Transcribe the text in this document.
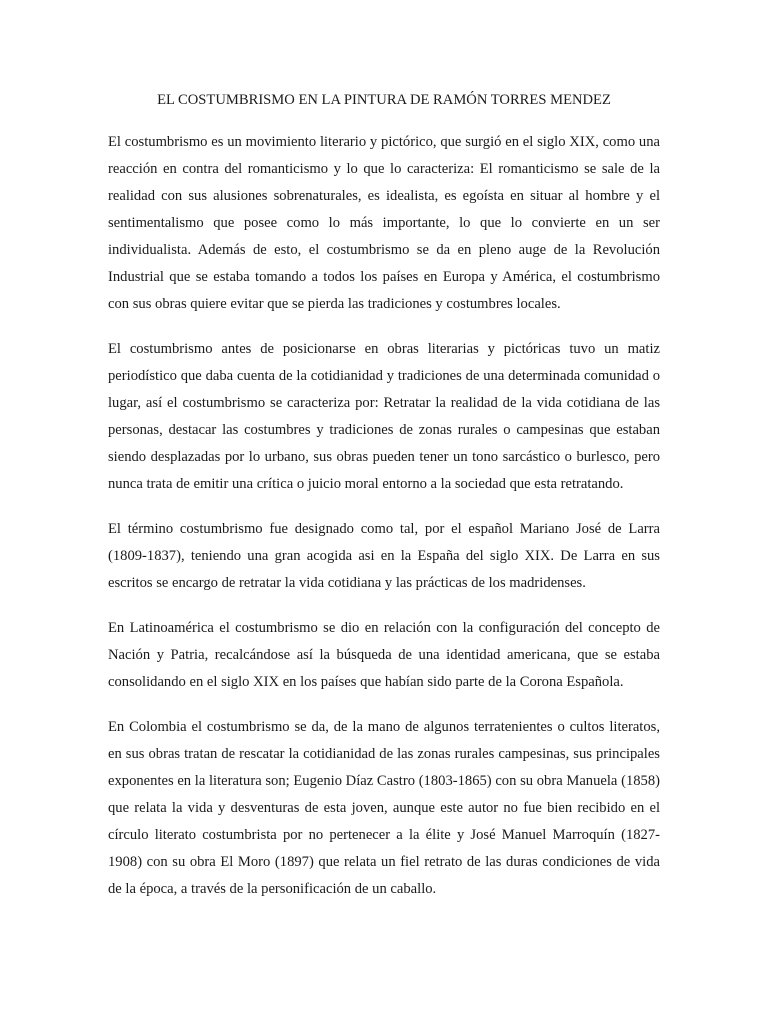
EL COSTUMBRISMO EN LA PINTURA DE RAMÓN TORRES MENDEZ

El costumbrismo es un movimiento literario y pictórico, que surgió en el siglo XIX, como una reacción en contra del romanticismo y lo que lo caracteriza: El romanticismo se sale de la realidad con sus alusiones sobrenaturales, es idealista, es egoísta en situar al hombre y el sentimentalismo que posee como lo más importante, lo que lo convierte en un ser individualista. Además de esto, el costumbrismo se da en pleno auge de la Revolución Industrial que se estaba tomando a todos los países en Europa y América, el costumbrismo con sus obras quiere evitar que se pierda las tradiciones y costumbres locales.

El costumbrismo antes de posicionarse en obras literarias y pictóricas tuvo un matiz periodístico que daba cuenta de la cotidianidad y tradiciones de una determinada comunidad o lugar, así el costumbrismo se caracteriza por: Retratar la realidad de la vida cotidiana de las personas, destacar las costumbres y tradiciones de zonas rurales o campesinas que estaban siendo desplazadas por lo urbano, sus obras pueden tener un tono sarcástico o burlesco, pero nunca trata de emitir una crítica o juicio moral entorno a la sociedad que esta retratando.

El término costumbrismo fue designado como tal, por el español Mariano José de Larra (1809-1837), teniendo una gran acogida asi en la España del siglo XIX. De Larra en sus escritos se encargo de retratar la vida cotidiana y las prácticas de los madridenses.

En Latinoamérica el costumbrismo se dio en relación con la configuración del concepto de Nación y Patria, recalcándose así la búsqueda de una identidad americana, que se estaba consolidando en el siglo XIX en los países que habían sido parte de la Corona Española.

En Colombia el costumbrismo se da, de la mano de algunos terratenientes o cultos literatos, en sus obras tratan de rescatar la cotidianidad de las zonas rurales campesinas, sus principales exponentes en la literatura son; Eugenio Díaz Castro (1803-1865) con su obra Manuela (1858) que relata la vida y desventuras de esta joven, aunque este autor no fue bien recibido en el círculo literato costumbrista por no pertenecer a la élite y José Manuel Marroquín (1827-1908) con su obra El Moro (1897) que relata un fiel retrato de las duras condiciones de vida de la época, a través de la personificación de un caballo.
